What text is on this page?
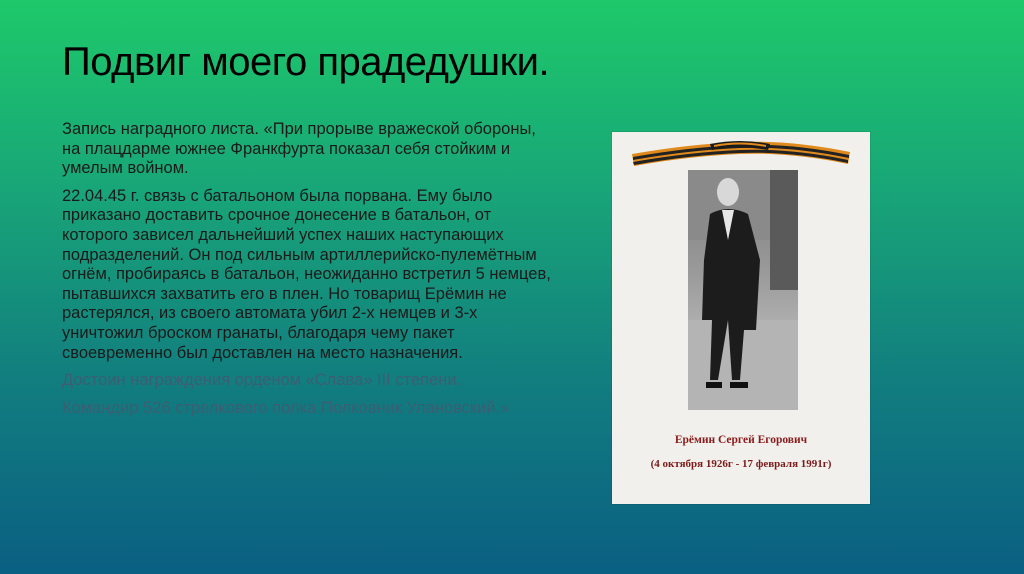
Подвиг моего прадедушки.

Запись наградного листа. «При прорыве вражеской обороны, на плацдарме южнее Франкфурта показал себя стойким и умелым войном.

22.04.45 г. связь с батальоном была порвана. Ему было приказано доставить срочное донесение в батальон, от которого зависел дальнейший успех наших наступающих подразделений. Он под сильным артиллерийско-пулемётным огнём, пробираясь в батальон, неожиданно встретил 5 немцев, пытавшихся захватить его в плен. Но товарищ Ерёмин не растерялся, из своего автомата убил 2-х немцев и 3-х уничтожил броском гранаты, благодаря чему пакет своевременно был доставлен на место назначения.

Достоин награждения орденом «Слава» III степени.

Командир 526 стрелкового полка Полковник Улановский.»

Ерёмин Сергей Егорович
(4 октября 1926г - 17 февраля 1991г)
